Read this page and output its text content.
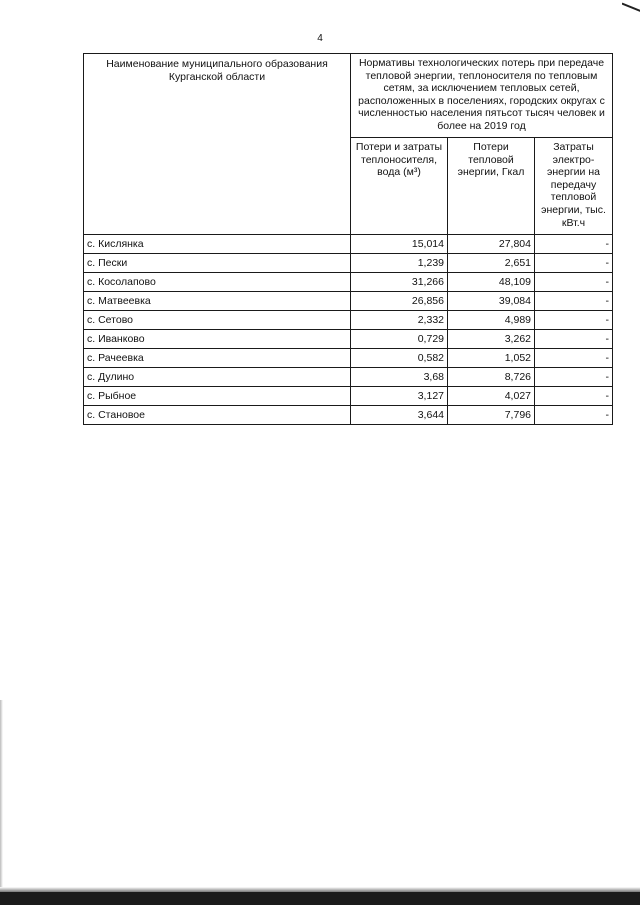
4
Наименование муниципального образования Курганской области	Нормативы технологических потерь при передаче тепловой энергии, теплоносителя по тепловым сетям, за исключением тепловых сетей, расположенных в поселениях, городских округах с численностью населения пятьсот тысяч человек и более на 2019 год		
	Потери и затраты теплоносителя, вода (м³)	Потери тепловой энергии, Гкал	Затраты электро-энергии на передачу тепловой энергии, тыс. кВт.ч
с. Кислянка	15,014	27,804	-
с. Пески	1,239	2,651	-
с. Косолапово	31,266	48,109	-
с. Матвеевка	26,856	39,084	-
с. Сетово	2,332	4,989	-
с. Иванково	0,729	3,262	-
с. Рачеевка	0,582	1,052	-
с. Дулино	3,68	8,726	-
с. Рыбное	3,127	4,027	-
с. Становое	3,644	7,796	-
